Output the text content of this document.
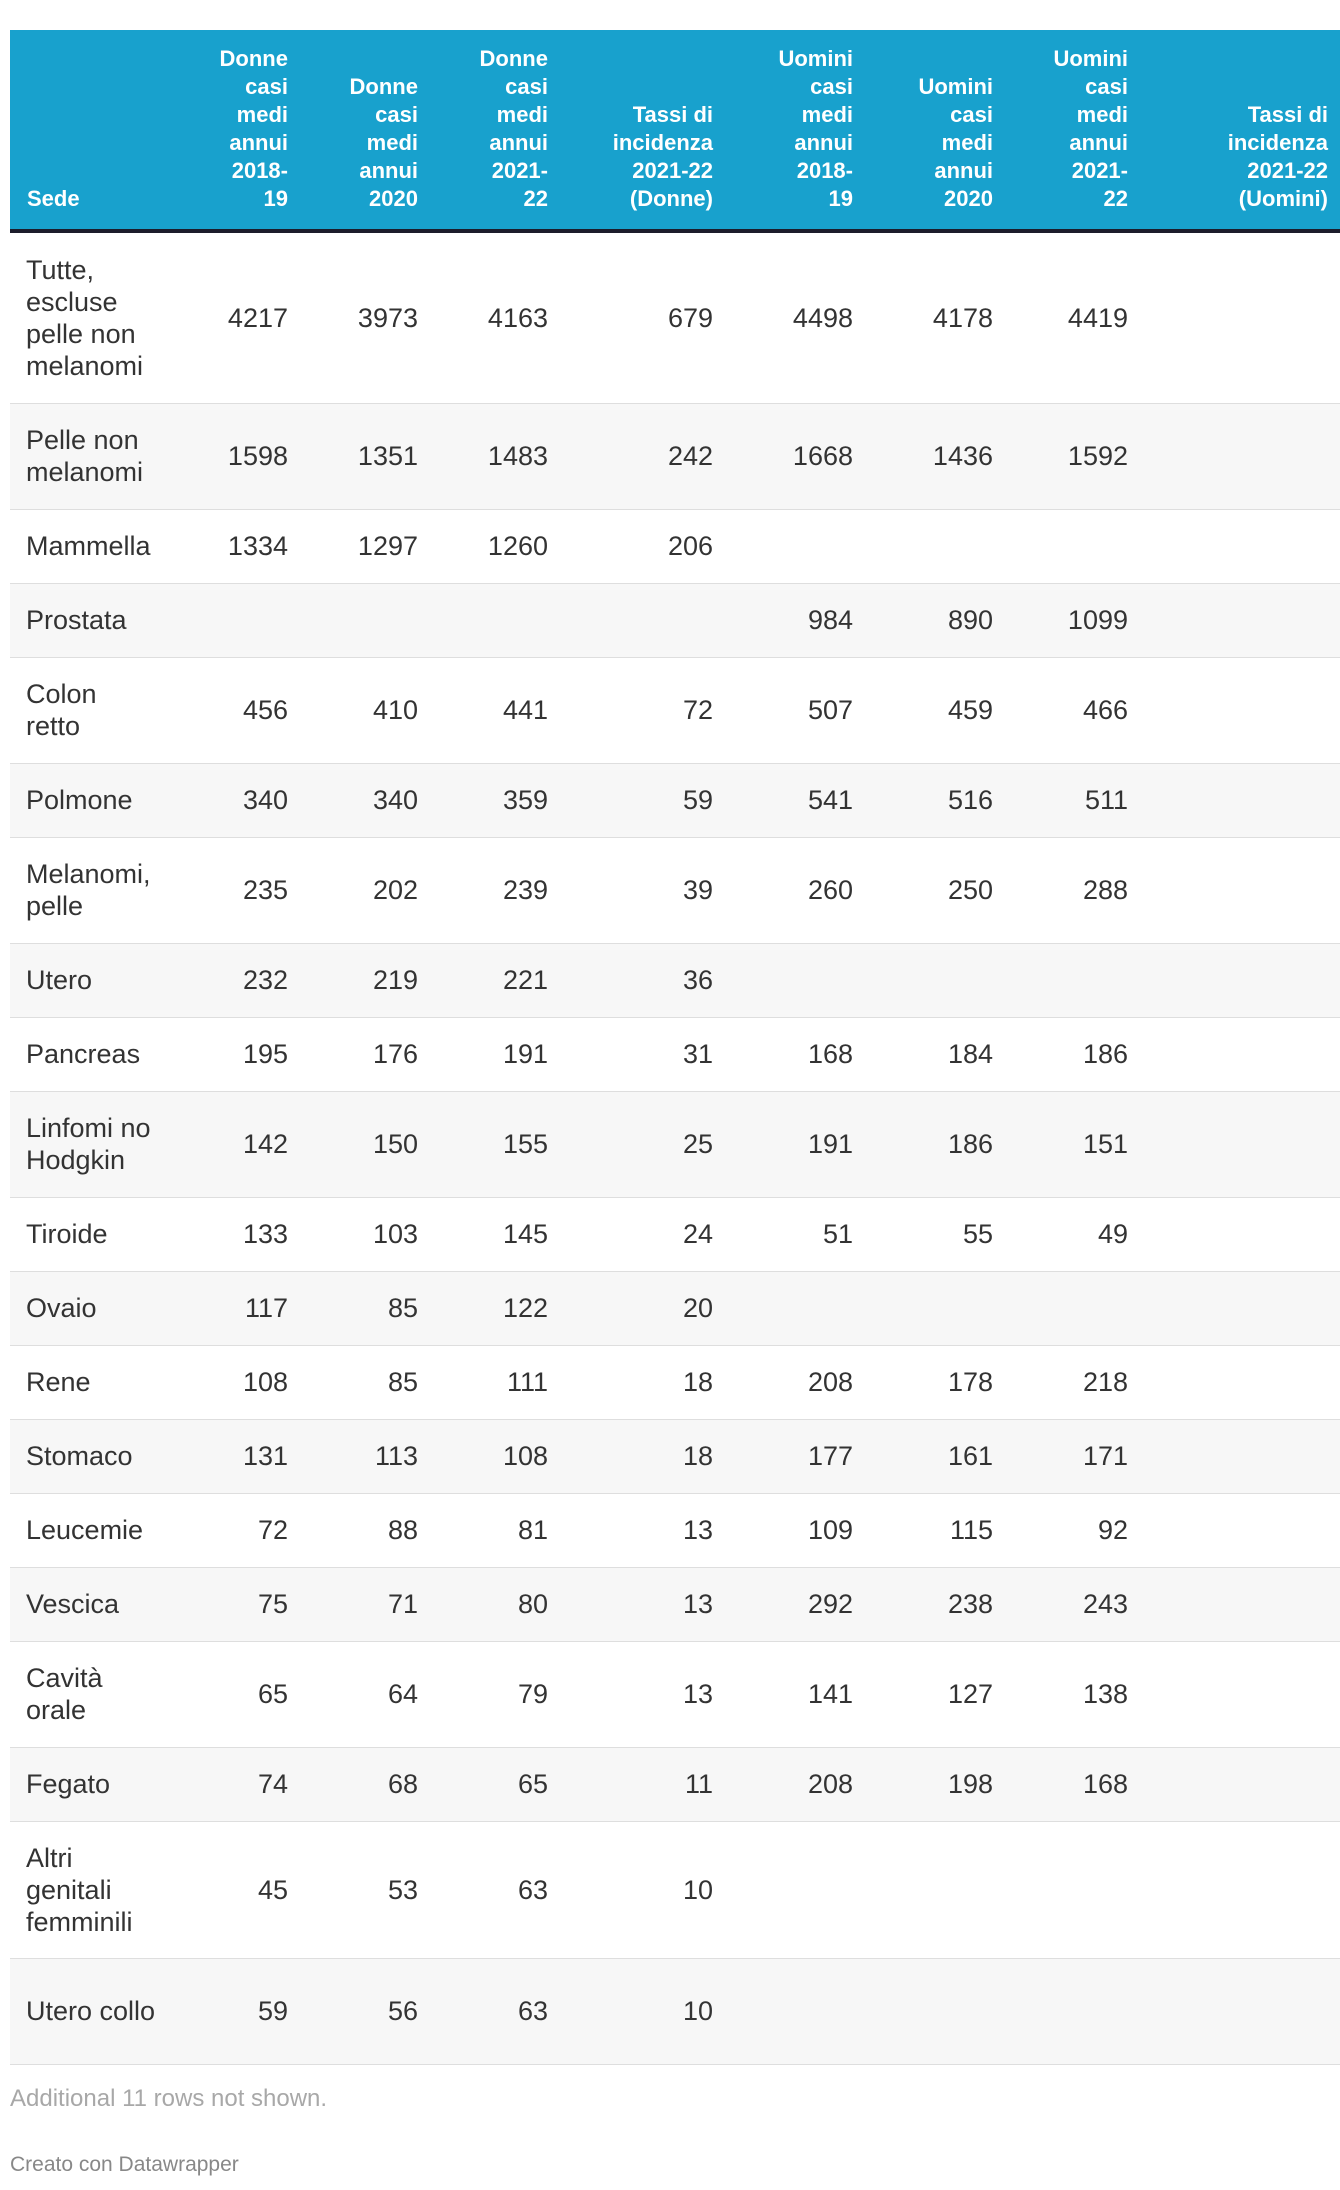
Sede	Donne casi medi annui 2018-19	Donne casi medi annui 2020	Donne casi medi annui 2021-22	Tassi di incidenza 2021-22 (Donne)	Uomini casi medi annui 2018-19	Uomini casi medi annui 2020	Uomini casi medi annui 2021-22	Tassi di incidenza 2021-22 (Uomini)
Tutte, escluse pelle non melanomi	4217	3973	4163	679	4498	4178	4419	
Pelle non melanomi	1598	1351	1483	242	1668	1436	1592	
Mammella	1334	1297	1260	206				
Prostata					984	890	1099	
Colon retto	456	410	441	72	507	459	466	
Polmone	340	340	359	59	541	516	511	
Melanomi, pelle	235	202	239	39	260	250	288	
Utero	232	219	221	36				
Pancreas	195	176	191	31	168	184	186	
Linfomi no Hodgkin	142	150	155	25	191	186	151	
Tiroide	133	103	145	24	51	55	49	
Ovaio	117	85	122	20				
Rene	108	85	111	18	208	178	218	
Stomaco	131	113	108	18	177	161	171	
Leucemie	72	88	81	13	109	115	92	
Vescica	75	71	80	13	292	238	243	
Cavità orale	65	64	79	13	141	127	138	
Fegato	74	68	65	11	208	198	168	
Altri genitali femminili	45	53	63	10				
Utero collo	59	56	63	10				
Additional 11 rows not shown.
Creato con Datawrapper
